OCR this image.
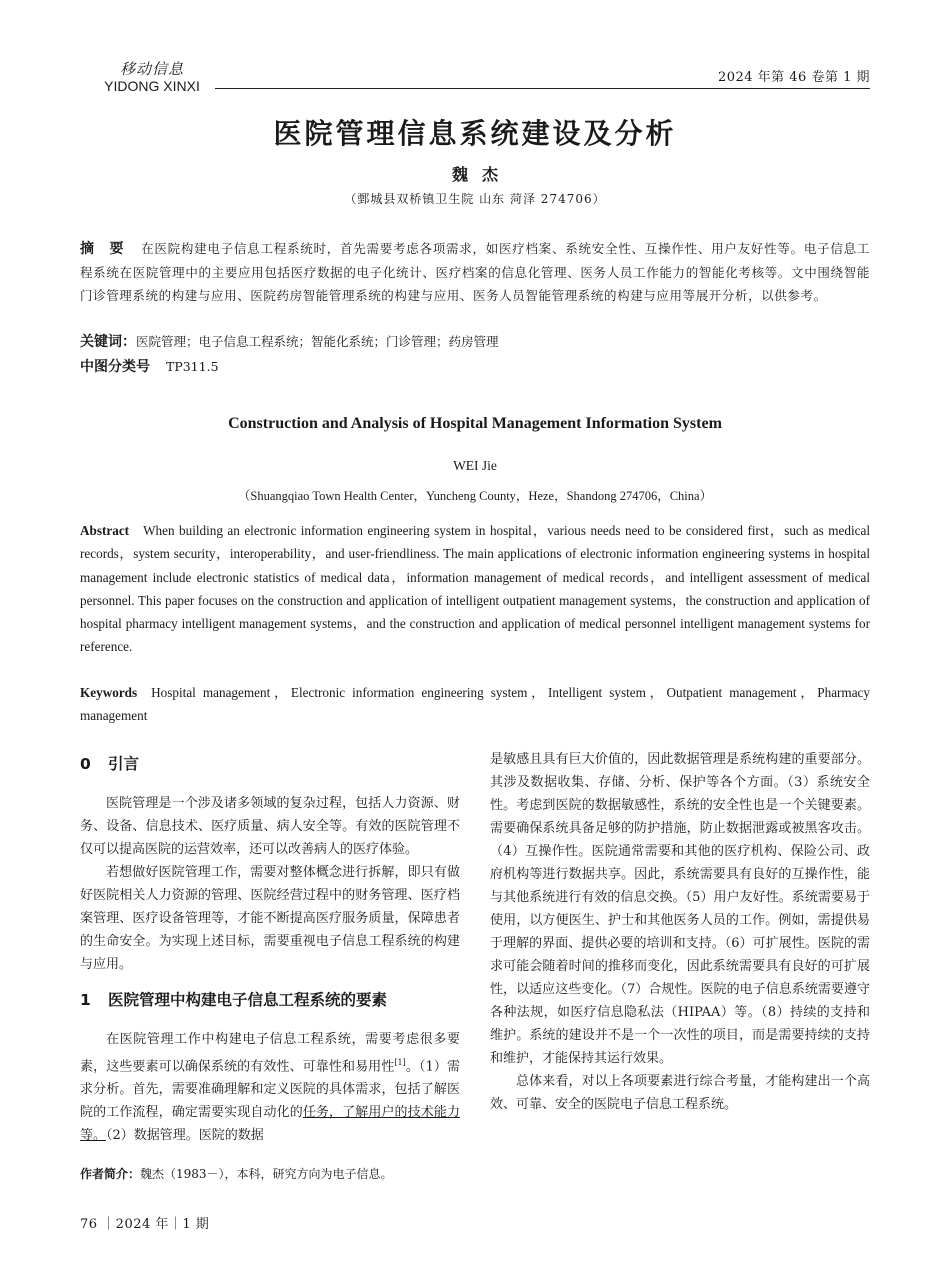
移动信息
YIDONG XINXI
2024 年第 46 卷第 1 期
医院管理信息系统建设及分析
魏杰
（鄄城县双桥镇卫生院 山东 菏泽 274706）
摘　要 在医院构建电子信息工程系统时，首先需要考虑各项需求，如医疗档案、系统安全性、互操作性、用户友好性等。电子信息工程系统在医院管理中的主要应用包括医疗数据的电子化统计、医疗档案的信息化管理、医务人员工作能力的智能化考核等。文中围绕智能门诊管理系统的构建与应用、医院药房智能管理系统的构建与应用、医务人员智能管理系统的构建与应用等展开分析，以供参考。
关键词：医院管理；电子信息工程系统；智能化系统；门诊管理；药房管理
中图分类号 TP311.5
Construction and Analysis of Hospital Management Information System
WEI Jie
（Shuangqiao Town Health Center，Yuncheng County，Heze，Shandong 274706，China）
Abstract When building an electronic information engineering system in hospital，various needs need to be considered first，such as medical records，system security，interoperability，and user-friendliness. The main applications of electronic information engineering systems in hospital management include electronic statistics of medical data，information management of medical records，and intelligent assessment of medical personnel. This paper focuses on the construction and application of intelligent outpatient management systems，the construction and application of hospital pharmacy intelligent management systems，and the construction and application of medical personnel intelligent management systems for reference.
Keywords Hospital management，Electronic information engineering system，Intelligent system，Outpatient management，Pharmacy management
0 引言

医院管理是一个涉及诸多领域的复杂过程，包括人力资源、财务、设备、信息技术、医疗质量、病人安全等。有效的医院管理不仅可以提高医院的运营效率，还可以改善病人的医疗体验。

若想做好医院管理工作，需要对整体概念进行拆解，即只有做好医院相关人力资源的管理、医院经营过程中的财务管理、医疗档案管理、医疗设备管理等，才能不断提高医疗服务质量，保障患者的生命安全。为实现上述目标，需要重视电子信息工程系统的构建与应用。

1 医院管理中构建电子信息工程系统的要素

在医院管理工作中构建电子信息工程系统，需要考虑很多要素，这些要素可以确保系统的有效性、可靠性和易用性[1]。（1）需求分析。首先，需要准确理解和定义医院的具体需求，包括了解医院的工作流程，确定需要实现自动化的任务，了解用户的技术能力等。（2）数据管理。医院的数据

是敏感且具有巨大价值的，因此数据管理是系统构建的重要部分。其涉及数据收集、存储、分析、保护等各个方面。（3）系统安全性。考虑到医院的数据敏感性，系统的安全性也是一个关键要素。需要确保系统具备足够的防护措施，防止数据泄露或被黑客攻击。（4）互操作性。医院通常需要和其他的医疗机构、保险公司、政府机构等进行数据共享。因此，系统需要具有良好的互操作性，能与其他系统进行有效的信息交换。（5）用户友好性。系统需要易于使用，以方便医生、护士和其他医务人员的工作。例如，需提供易于理解的界面、提供必要的培训和支持。（6）可扩展性。医院的需求可能会随着时间的推移而变化，因此系统需要具有良好的可扩展性，以适应这些变化。（7）合规性。医院的电子信息系统需要遵守各种法规，如医疗信息隐私法（HIPAA）等。（8）持续的支持和维护。系统的建设并不是一个一次性的项目，而是需要持续的支持和维护，才能保持其运行效果。

总体来看，对以上各项要素进行综合考量，才能构建出一个高效、可靠、安全的医院电子信息工程系统。

作者简介：魏杰（1983－），本科，研究方向为电子信息。
76 ｜2024 年｜1 期
